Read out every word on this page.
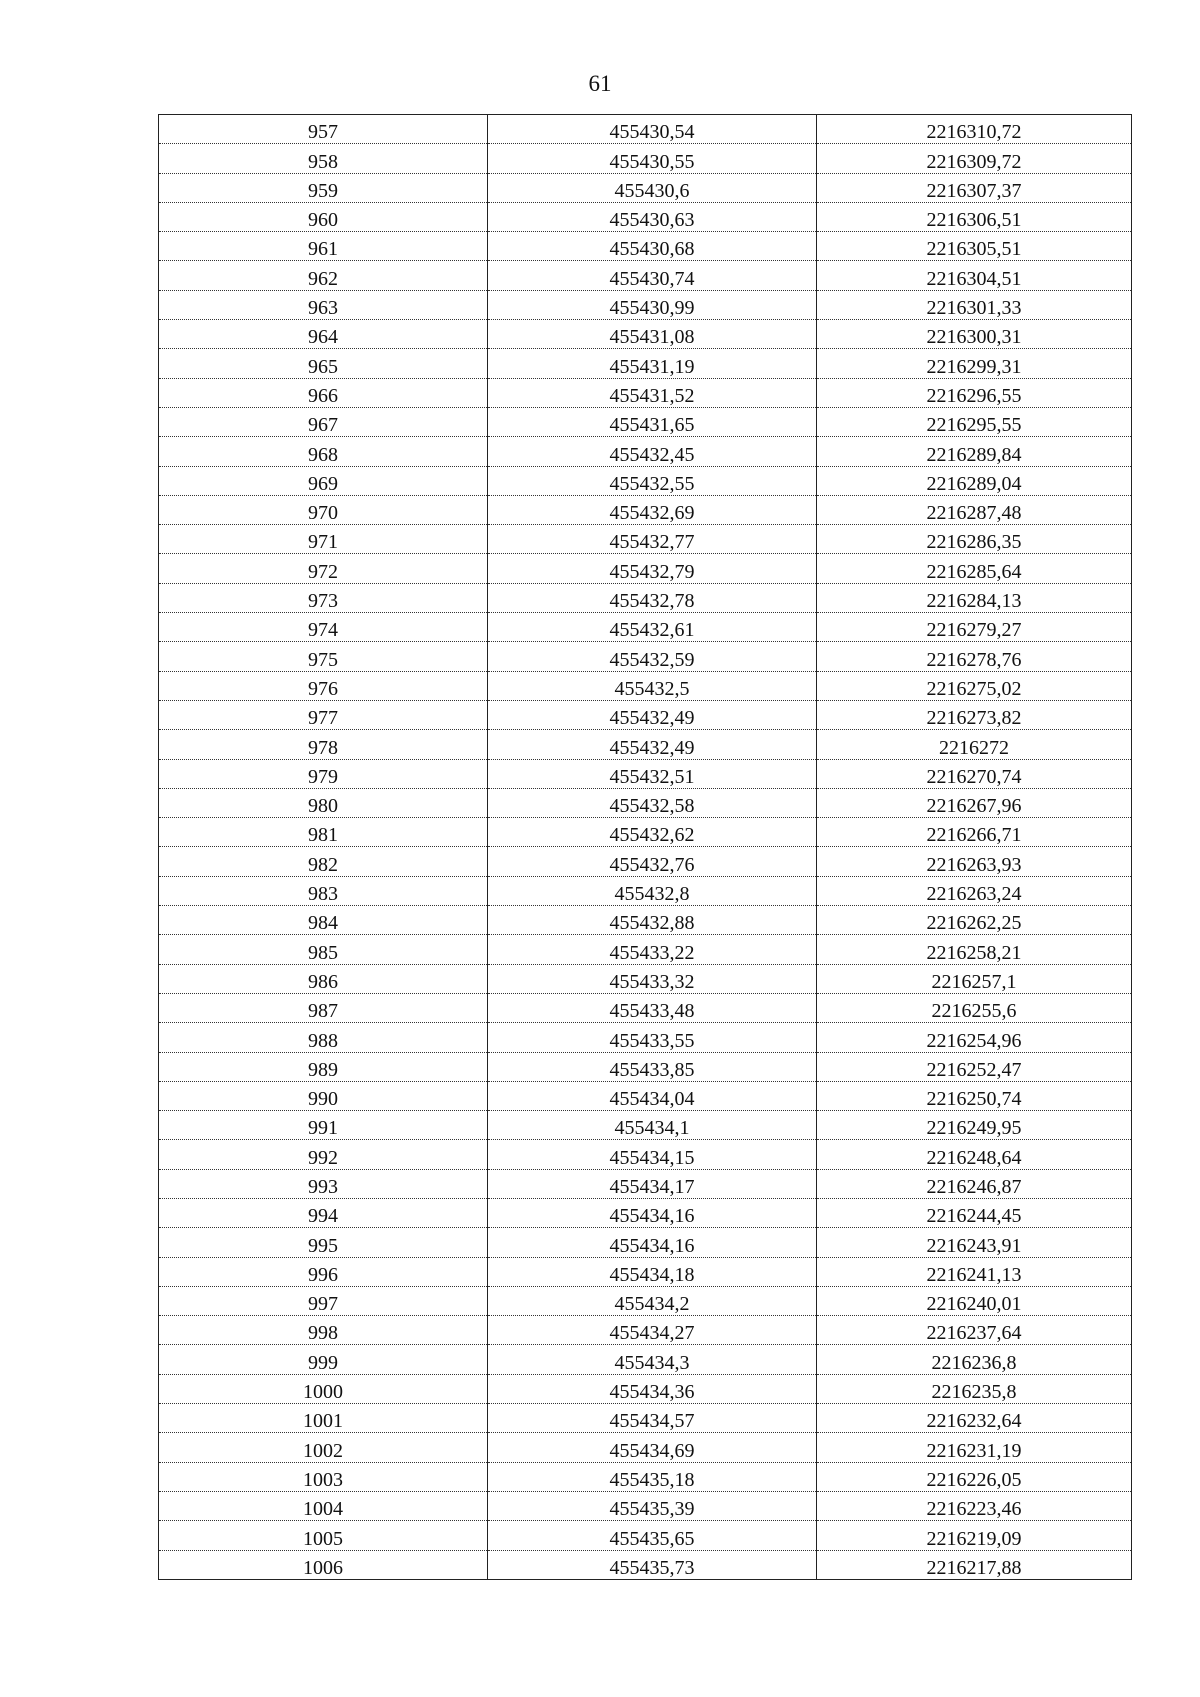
61
957	455430,54	2216310,72
958	455430,55	2216309,72
959	455430,6	2216307,37
960	455430,63	2216306,51
961	455430,68	2216305,51
962	455430,74	2216304,51
963	455430,99	2216301,33
964	455431,08	2216300,31
965	455431,19	2216299,31
966	455431,52	2216296,55
967	455431,65	2216295,55
968	455432,45	2216289,84
969	455432,55	2216289,04
970	455432,69	2216287,48
971	455432,77	2216286,35
972	455432,79	2216285,64
973	455432,78	2216284,13
974	455432,61	2216279,27
975	455432,59	2216278,76
976	455432,5	2216275,02
977	455432,49	2216273,82
978	455432,49	2216272
979	455432,51	2216270,74
980	455432,58	2216267,96
981	455432,62	2216266,71
982	455432,76	2216263,93
983	455432,8	2216263,24
984	455432,88	2216262,25
985	455433,22	2216258,21
986	455433,32	2216257,1
987	455433,48	2216255,6
988	455433,55	2216254,96
989	455433,85	2216252,47
990	455434,04	2216250,74
991	455434,1	2216249,95
992	455434,15	2216248,64
993	455434,17	2216246,87
994	455434,16	2216244,45
995	455434,16	2216243,91
996	455434,18	2216241,13
997	455434,2	2216240,01
998	455434,27	2216237,64
999	455434,3	2216236,8
1000	455434,36	2216235,8
1001	455434,57	2216232,64
1002	455434,69	2216231,19
1003	455435,18	2216226,05
1004	455435,39	2216223,46
1005	455435,65	2216219,09
1006	455435,73	2216217,88
